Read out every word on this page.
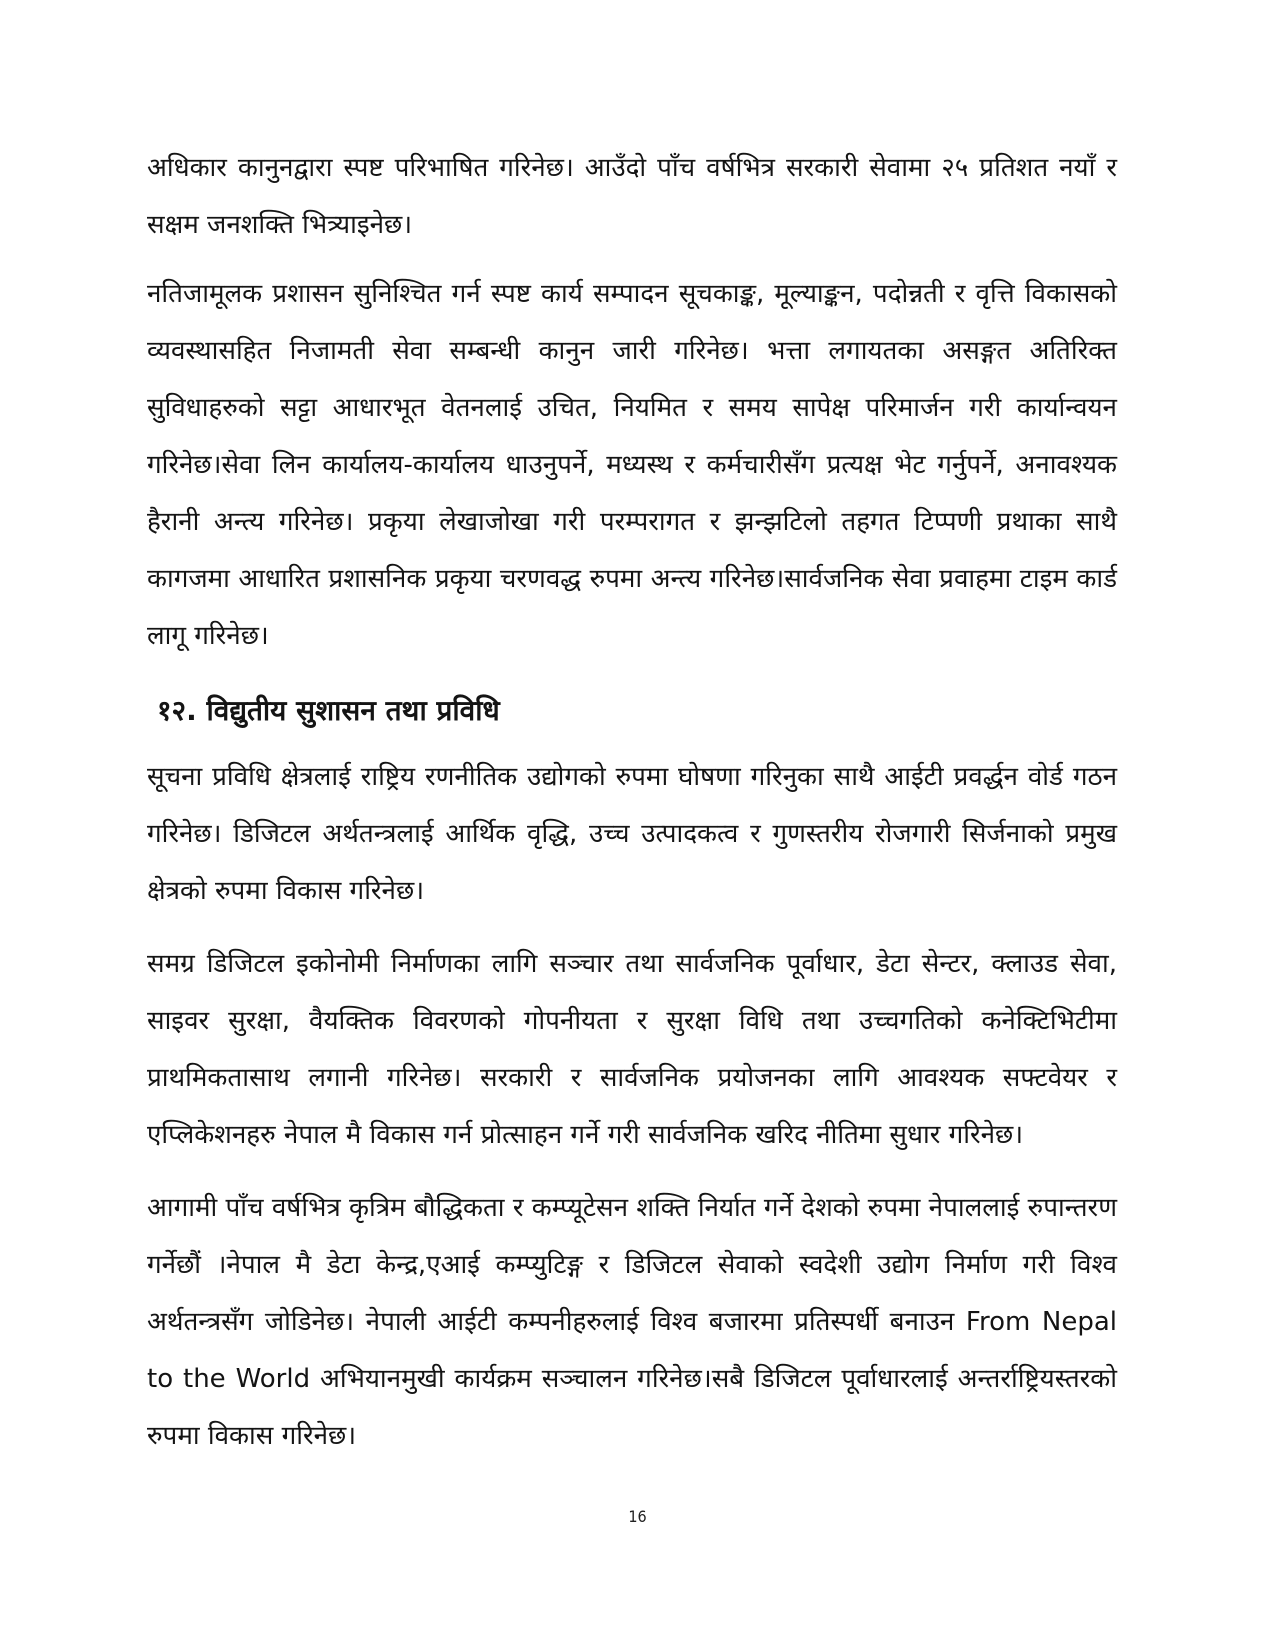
अधिकार कानुनद्वारा स्पष्ट परिभाषित गरिनेछ। आउँदो पाँच वर्षभित्र सरकारी सेवामा २५ प्रतिशत नयाँ र सक्षम जनशक्ति भित्र्याइनेछ।

नतिजामूलक प्रशासन सुनिश्चित गर्न स्पष्ट कार्य सम्पादन सूचकाङ्क, मूल्याङ्कन, पदोन्नती र वृत्ति विकासको व्यवस्थासहित निजामती सेवा सम्बन्धी कानुन जारी गरिनेछ। भत्ता लगायतका असङ्गत अतिरिक्त सुविधाहरुको सट्टा आधारभूत वेतनलाई उचित, नियमित र समय सापेक्ष परिमार्जन गरी कार्यान्वयन गरिनेछ।सेवा लिन कार्यालय-कार्यालय धाउनुपर्ने, मध्यस्थ र कर्मचारीसँग प्रत्यक्ष भेट गर्नुपर्ने, अनावश्यक हैरानी अन्त्य गरिनेछ। प्रकृया लेखाजोखा गरी परम्परागत र झन्झटिलो तहगत टिप्पणी प्रथाका साथै कागजमा आधारित प्रशासनिक प्रकृया चरणवद्ध रुपमा अन्त्य गरिनेछ।सार्वजनिक सेवा प्रवाहमा टाइम कार्ड लागू गरिनेछ।

१२. विद्युतीय सुशासन तथा प्रविधि

सूचना प्रविधि क्षेत्रलाई राष्ट्रिय रणनीतिक उद्योगको रुपमा घोषणा गरिनुका साथै आईटी प्रवर्द्धन वोर्ड गठन गरिनेछ। डिजिटल अर्थतन्त्रलाई आर्थिक वृद्धि, उच्च उत्पादकत्व र गुणस्तरीय रोजगारी सिर्जनाको प्रमुख क्षेत्रको रुपमा विकास गरिनेछ।

समग्र डिजिटल इकोनोमी निर्माणका लागि सञ्चार तथा सार्वजनिक पूर्वाधार, डेटा सेन्टर, क्लाउड सेवा, साइवर सुरक्षा, वैयक्तिक विवरणको गोपनीयता र सुरक्षा विधि तथा उच्चगतिको कनेक्टिभिटीमा प्राथमिकतासाथ लगानी गरिनेछ। सरकारी र सार्वजनिक प्रयोजनका लागि आवश्यक सफ्टवेयर र एप्लिकेशनहरु नेपाल मै विकास गर्न प्रोत्साहन गर्ने गरी सार्वजनिक खरिद नीतिमा सुधार गरिनेछ।

आगामी पाँच वर्षभित्र कृत्रिम बौद्धिकता र कम्प्यूटेसन शक्ति निर्यात गर्ने देशको रुपमा नेपाललाई रुपान्तरण गर्नेछौं ।नेपाल मै डेटा केन्द्र,एआई कम्प्युटिङ्ग र डिजिटल सेवाको स्वदेशी उद्योग निर्माण गरी विश्व अर्थतन्त्रसँग जोडिनेछ। नेपाली आईटी कम्पनीहरुलाई विश्व बजारमा प्रतिस्पर्धी बनाउन From Nepal to the World अभियानमुखी कार्यक्रम सञ्चालन गरिनेछ।सबै डिजिटल पूर्वाधारलाई अन्तर्राष्ट्रियस्तरको रुपमा विकास गरिनेछ।

16
